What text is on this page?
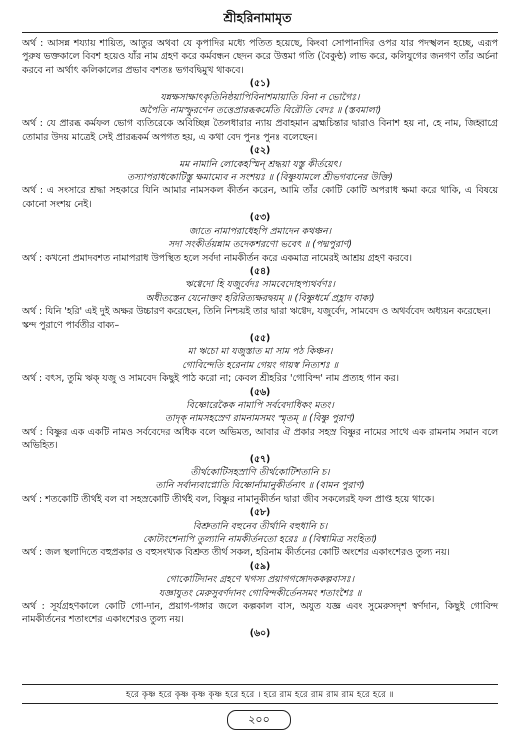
শ্রীহরিনামামৃত
অর্থ : আসন্ন শয্যায় শায়িত, আতুর অথবা যে কৃপাদির মধ্যে পতিত হয়েছে, কিংবা সোপানাদির ওপর যার পদস্খলন হচ্ছে, এরূপ পুরুষ ভক্তকালে বিবশ হয়েও যাঁর নাম গ্রহণ করে কর্মবন্ধন ছেদন করে উত্তমা গতি (বৈকুণ্ঠ) লাভ করে, কলিযুগের জনগণ তাঁর অর্চনা করবে না অর্থাৎ কলিকালের প্রভাব বশতঃ ভগবদ্বিমুখ থাকবে।
(৫১)
যন্নক্ষসাক্ষাৎকৃতিনিষ্ঠয়াপিবিনাশমায়াতি বিনা ন ভোগৈঃ।
অপৈতি নামস্ফুরণেন তত্তেপ্রারব্ধকর্মেতি বিরৌতি বেদঃ ॥ (স্তবমালা)
অর্থ : যে প্রারব্ধ কর্মফল ভোগ ব্যতিরেকে অবিচ্ছিন্ন তৈলধারার ন্যায় প্রবাহমান ব্রহ্মচিন্তার দ্বারাও বিনাশ হয় না, হে নাম, জিহ্বাগ্রে তোমার উদয় মাত্রেই সেই প্রারব্ধকর্ম অপগত হয়, এ কথা বেদ পুনঃ পুনঃ বলেছেন।
(৫২)
মম নামানি লোকেহস্মিন্ শ্রদ্ধয়া যস্তু কীর্তয়েৎ।
তস্যাপরাধকোটিস্তু ক্ষমাম্যেব ন সংশয়ঃ ॥ (বিষ্ণুযামলে শ্রীভগবানের উক্তি)
অর্থ : এ সংসারে শ্রদ্ধা সহকারে যিনি আমার নামসকল কীর্তন করেন, আমি তাঁর কোটি কোটি অপরাধ ক্ষমা করে থাকি, এ বিষয়ে কোনো সংশয় নেই।
(৫৩)
জাতে নামাপরাধেহপি প্রমাদেন কথঞ্চন।
সদা সংকীর্তয়ন্নাম তদেকশরণো ভবেৎ ॥ (পদ্মপুরাণ)
অর্থ : কখনো প্রমাদবশত নামাপরাধ উপস্থিত হলে সর্বদা নামকীর্তন করে একমাত্র নামেরই আশ্রয় গ্রহণ করবে।
(৫৪)
ঋগ্বেদো হি যজুর্বেদঃ সামবেদোহপ্যথর্বণঃ।
অধীতস্তেন যেনোক্তং হরিরিত্যক্ষরদ্বয়ম্ ॥ (বিষ্ণুধর্মে প্রহ্লাদ বাক্য)
অর্থ : যিনি 'হরি' এই দুই অক্ষর উচ্চারণ করেছেন, তিনি নিশ্চয়ই তার দ্বারা ঋগ্বেদ, যজুর্বেদ, সামবেদ ও অথর্ববেদ অধ্যয়ন করেছেন।
স্কন্দ পুরাণে পার্বতীর বাক্য–
(৫৫)
মা ঋচো মা যজুস্তাত মা সাম পঠ কিঞ্চন।
গোবিন্দেতি হরেনাম গেয়ং গায়স্ব নিত্যশঃ ॥
অর্থ : বৎস, তুমি ঋক্ যজু ও সামবেদ কিছুই পাঠ করো না; কেবল শ্রীহরির 'গোবিন্দ' নাম প্রত্যহ গান কর।
(৫৬)
বিষ্ণোরেকৈক নামাপি সর্ববেদাধিকং মতং।
তাদৃক্ নামসহস্রেণ রামনামসমং স্মৃতম্ ॥ (বিষ্ণু পুরাণ)
অর্থ : বিষ্ণুর এক একটি নামও সর্ববেদের অধিক বলে অভিমত, আবার ঐ প্রকার সহস্র বিষ্ণুর নামের সাথে এক রামনাম সমান বলে অভিহিত।
(৫৭)
তীর্থকোটিসহস্রাণি তীর্থকোটিশতানি চ।
তানি সর্বান্যবাপ্নোতি বিষ্ণোর্নামানুকীর্তনাৎ ॥ (বামন পুরাণ)
অর্থ : শতকোটি তীর্থই বল বা সহস্রকোটি তীর্থই বল, বিষ্ণুর নামানুকীর্তন দ্বারা জীব সকলেরই ফল প্রাপ্ত হয়ে থাকে।
(৫৮)
বিশ্রুতানি বহুনেব তীর্থানি বহুধানি চ।
কোট্যংশেনাপি তুল্যানি নামকীর্তনতো হরেঃ ॥ (বিশ্বামিত্র সংহিতা)
অর্থ : জল স্থলাদিতে বহুপ্রকার ও বহুসংখ্যক বিশ্রুত তীর্থ সকল, হরিনাম কীর্তনের কোটি অংশের একাংশেরও তুল্য নয়।
(৫৯)
গোকোটিদানং গ্রহণে খগস্য প্রয়াগগঙ্গোদককল্পবাসঃ।
যজ্ঞাযুতং মেরুসুবর্ণদানং গোবিন্দকীর্তেনসমং শতাংশৈঃ ॥
অর্থ : সূর্যগ্রহণকালে কোটি গো-দান, প্রয়াগ-গঙ্গার জলে কল্পকাল বাস, অযুত যজ্ঞ এবং সুমেরুসদৃশ স্বর্ণদান, কিছুই গোবিন্দ নামকীর্তনের শতাংশের একাংশেরও তুল্য নয়।
(৬০)
হরে কৃষ্ণ হরে কৃষ্ণ কৃষ্ণ কৃষ্ণ হরে হরে । হরে রাম হরে রাম রাম রাম হরে হরে ॥
২০০
